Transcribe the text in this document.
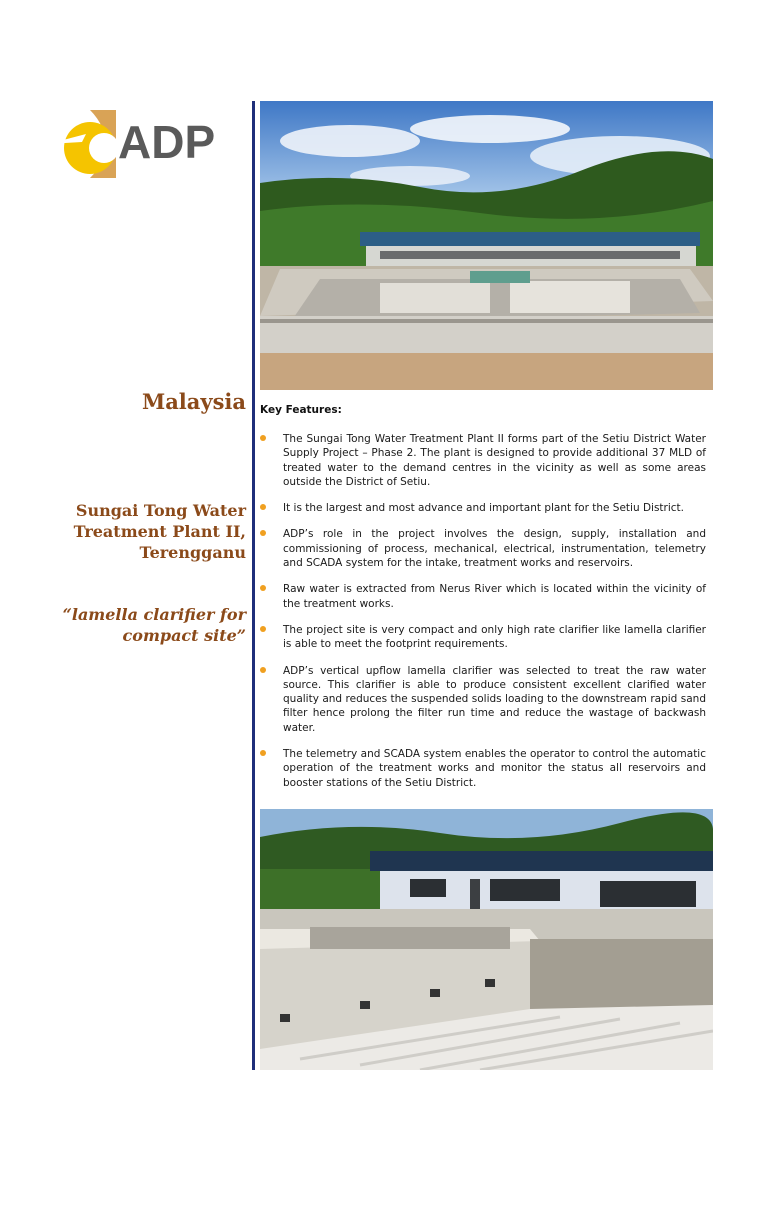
ADP
Malaysia
Sungai Tong Water Treatment Plant II, Terengganu
“lamella clarifier for compact site”
Key Features:
The Sungai Tong Water Treatment Plant II forms part of the Setiu District Water Supply Project – Phase 2. The plant is designed to provide additional 37 MLD of treated water to the demand centres in the vicinity as well as some areas outside the District of Setiu.
It is the largest and most advance and important plant for the Setiu District.
ADP’s role in the project involves the design, supply, installation and commissioning of process, mechanical, electrical, instrumentation, telemetry and SCADA system for the intake, treatment works and reservoirs.
Raw water is extracted from Nerus River which is located within the vicinity of the treatment works.
The project site is very compact and only high rate clarifier like lamella clarifier is able to meet the footprint requirements.
ADP’s vertical upflow lamella clarifier was selected to treat the raw water source. This clarifier is able to produce consistent excellent clarified water quality and reduces the suspended solids loading to the downstream rapid sand filter hence prolong the filter run time and reduce the wastage of backwash water.
The telemetry and SCADA system enables the operator to control the automatic operation of the treatment works and monitor the status all reservoirs and booster stations of the Setiu District.
